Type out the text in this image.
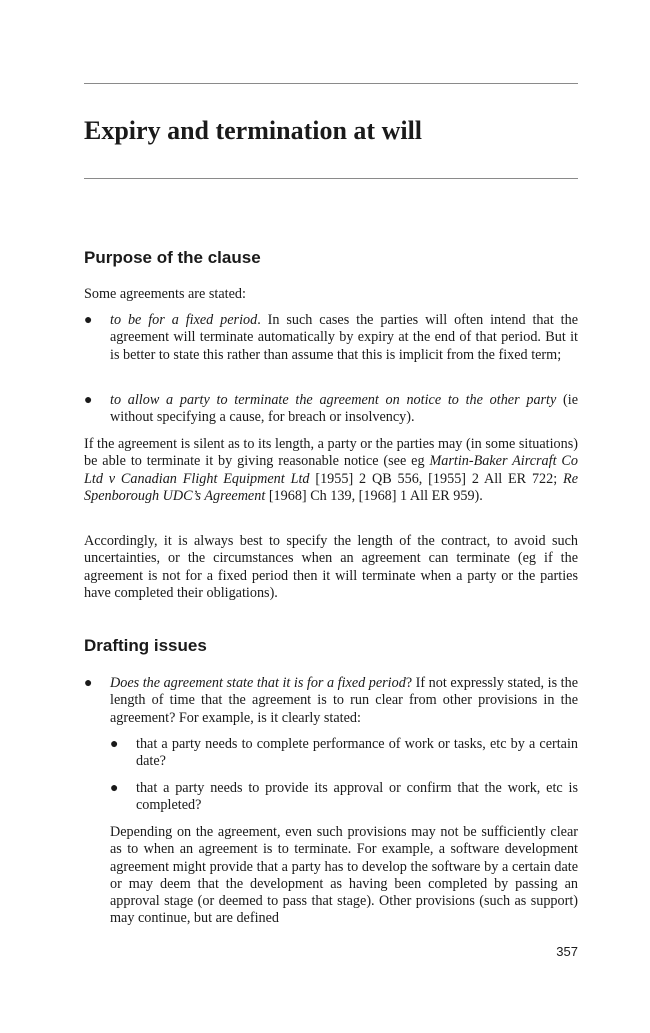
Expiry and termination at will
Purpose of the clause

Some agreements are stated:

● to be for a fixed period. In such cases the parties will often intend that the agreement will terminate automatically by expiry at the end of that period. But it is better to state this rather than assume that this is implicit from the fixed term;

● to allow a party to terminate the agreement on notice to the other party (ie without specifying a cause, for breach or insolvency).

If the agreement is silent as to its length, a party or the parties may (in some situations) be able to terminate it by giving reasonable notice (see eg Martin-Baker Aircraft Co Ltd v Canadian Flight Equipment Ltd [1955] 2 QB 556, [1955] 2 All ER 722; Re Spenborough UDC’s Agreement [1968] Ch 139, [1968] 1 All ER 959).

Accordingly, it is always best to specify the length of the contract, to avoid such uncertainties, or the circumstances when an agreement can terminate (eg if the agreement is not for a fixed period then it will terminate when a party or the parties have completed their obligations).

Drafting issues
● Does the agreement state that it is for a fixed period? If not expressly stated, is the length of time that the agreement is to run clear from other provisions in the agreement? For example, is it clearly stated:

● that a party needs to complete performance of work or tasks, etc by a certain date?

● that a party needs to provide its approval or confirm that the work, etc is completed?

Depending on the agreement, even such provisions may not be sufficiently clear as to when an agreement is to terminate. For example, a software development agreement might provide that a party has to develop the software by a certain date or may deem that the development as having been completed by passing an approval stage (or deemed to pass that stage). Other provisions (such as support) may continue, but are defined

357
